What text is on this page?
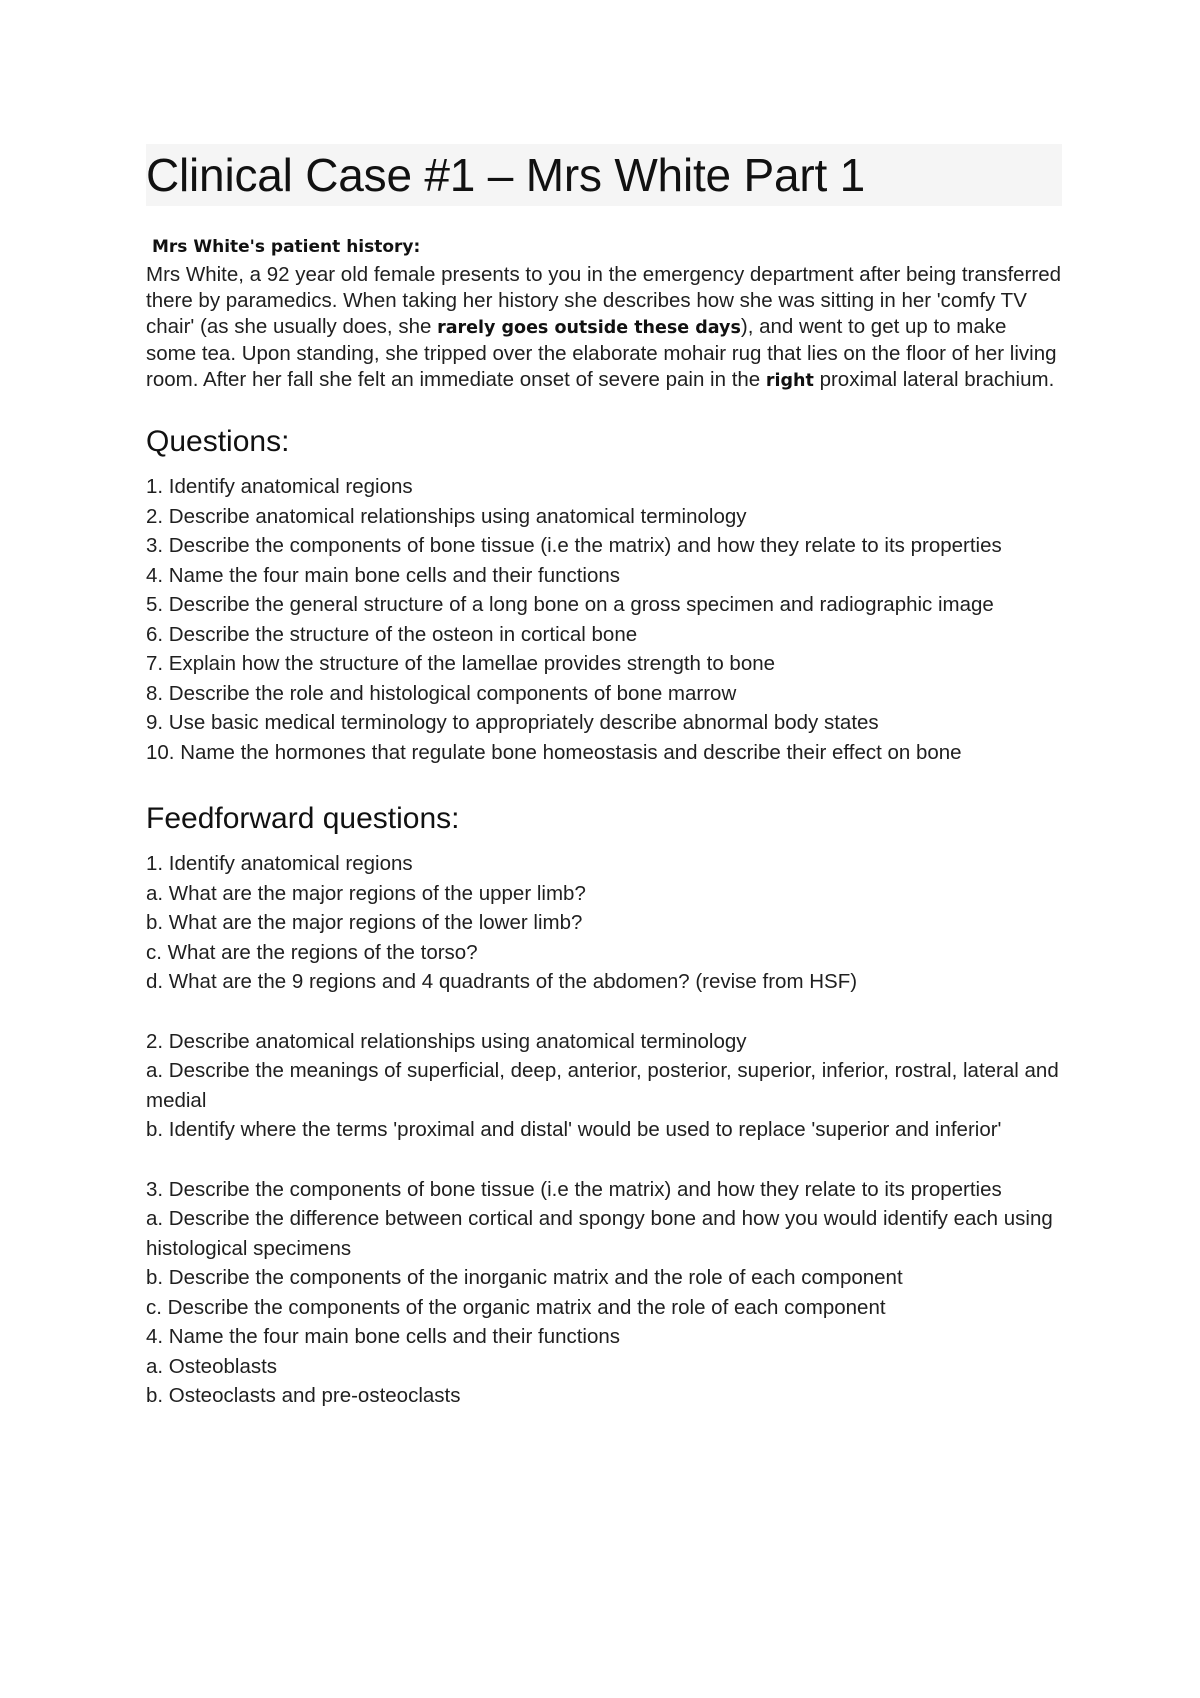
Clinical Case #1 – Mrs White Part 1

Mrs White's patient history:

Mrs White, a 92 year old female presents to you in the emergency department after being transferred there by paramedics. When taking her history she describes how she was sitting in her 'comfy TV chair' (as she usually does, she rarely goes outside these days), and went to get up to make some tea. Upon standing, she tripped over the elaborate mohair rug that lies on the floor of her living room. After her fall she felt an immediate onset of severe pain in the right proximal lateral brachium.

Questions:

1. Identify anatomical regions

2. Describe anatomical relationships using anatomical terminology

3. Describe the components of bone tissue (i.e the matrix) and how they relate to its properties

4. Name the four main bone cells and their functions

5. Describe the general structure of a long bone on a gross specimen and radiographic image

6. Describe the structure of the osteon in cortical bone

7. Explain how the structure of the lamellae provides strength to bone

8. Describe the role and histological components of bone marrow

9. Use basic medical terminology to appropriately describe abnormal body states

10. Name the hormones that regulate bone homeostasis and describe their effect on bone

Feedforward questions:

1. Identify anatomical regions

a. What are the major regions of the upper limb?

b. What are the major regions of the lower limb?

c. What are the regions of the torso?

d. What are the 9 regions and 4 quadrants of the abdomen? (revise from HSF)

2. Describe anatomical relationships using anatomical terminology

a. Describe the meanings of superficial, deep, anterior, posterior, superior, inferior, rostral, lateral and medial

b. Identify where the terms 'proximal and distal' would be used to replace 'superior and inferior'

3. Describe the components of bone tissue (i.e the matrix) and how they relate to its properties

a. Describe the difference between cortical and spongy bone and how you would identify each using histological specimens

b. Describe the components of the inorganic matrix and the role of each component

c. Describe the components of the organic matrix and the role of each component

4. Name the four main bone cells and their functions

a. Osteoblasts

b. Osteoclasts and pre-osteoclasts
